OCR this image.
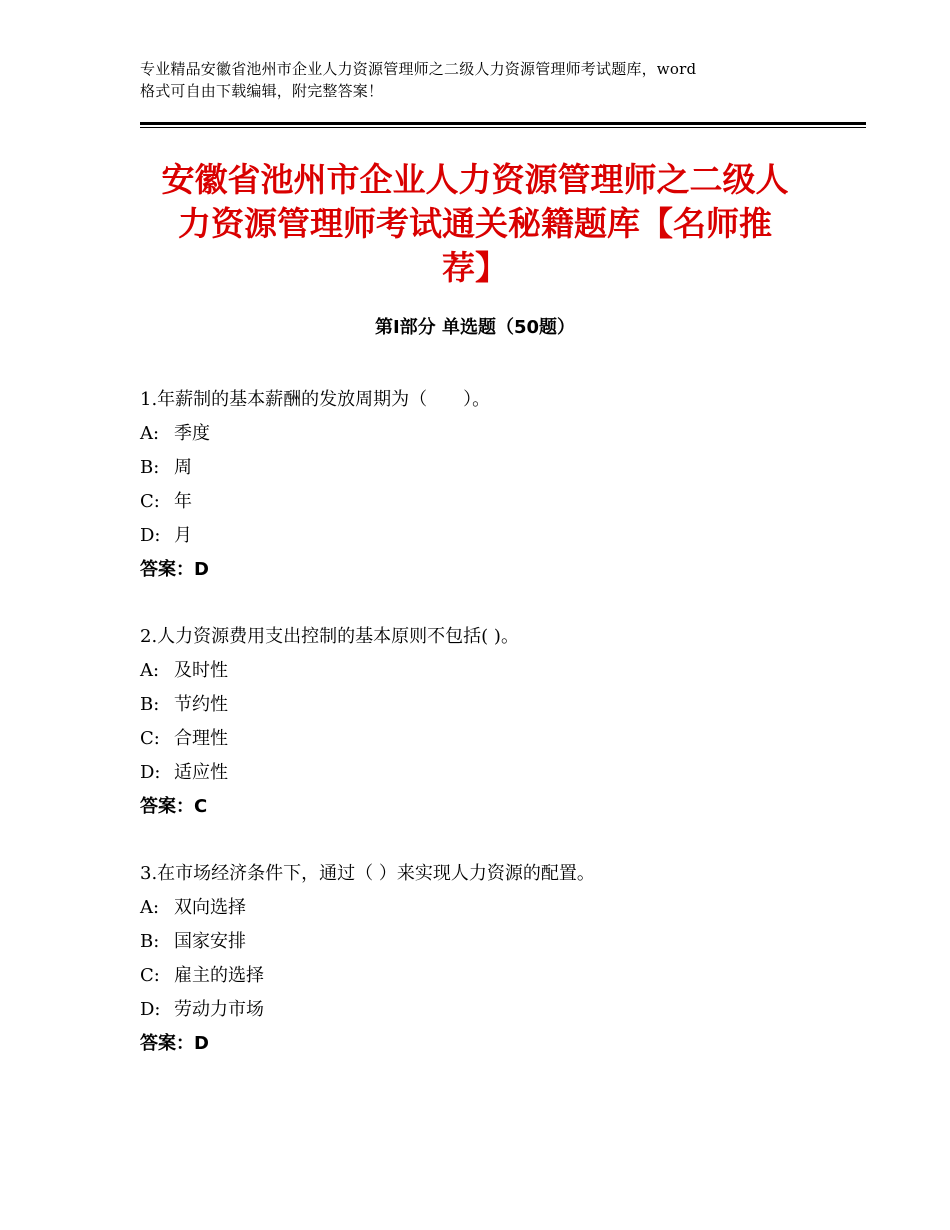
专业精品安徽省池州市企业人力资源管理师之二级人力资源管理师考试题库，word
格式可自由下载编辑，附完整答案！
安徽省池州市企业人力资源管理师之二级人
力资源管理师考试通关秘籍题库【名师推
荐】
第Ⅰ部分 单选题（50题）
1.年薪制的基本薪酬的发放周期为（　　）。
A: 季度
B: 周
C: 年
D: 月
答案：D
2.人力资源费用支出控制的基本原则不包括( )。
A: 及时性
B: 节约性
C: 合理性
D: 适应性
答案：C
3.在市场经济条件下，通过（ ）来实现人力资源的配置。
A: 双向选择
B: 国家安排
C: 雇主的选择
D: 劳动力市场
答案：D
